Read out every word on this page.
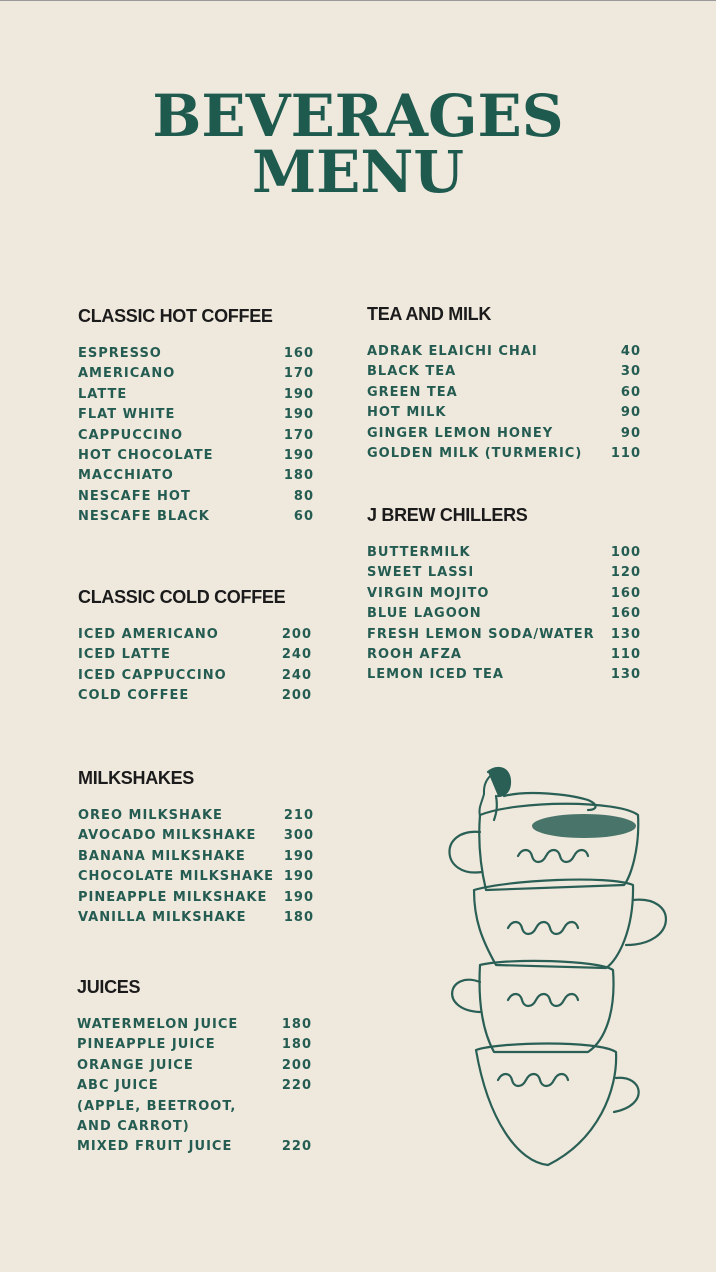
BEVERAGES
MENU
CLASSIC HOT COFFEE
ESPRESSO	160
AMERICANO	170
LATTE	190
FLAT WHITE	190
CAPPUCCINO	170
HOT CHOCOLATE	190
MACCHIATO	180
NESCAFE HOT	80
NESCAFE BLACK	60
CLASSIC COLD COFFEE
ICED AMERICANO	200
ICED LATTE	240
ICED CAPPUCCINO	240
COLD COFFEE	200
MILKSHAKES
OREO MILKSHAKE	210
AVOCADO MILKSHAKE 300
BANANA MILKSHAKE	190
CHOCOLATE MILKSHAKE 190
PINEAPPLE MILKSHAKE 190
VANILLA MILKSHAKE	180
JUICES
WATERMELON JUICE	180
PINEAPPLE JUICE	180
ORANGE JUICE	200
ABC JUICE	220
(APPLE, BEETROOT,
AND CARROT)
MIXED FRUIT JUICE	220
TEA AND MILK
ADRAK ELAICHI CHAI	40
BLACK TEA	30
GREEN TEA	60
HOT MILK	90
GINGER LEMON HONEY	90
GOLDEN MILK (TURMERIC) 110
J BREW CHILLERS
BUTTERMILK	100
SWEET LASSI	120
VIRGIN MOJITO	160
BLUE LAGOON	160
FRESH LEMON SODA/WATER 130
ROOH AFZA	110
LEMON ICED TEA	130
